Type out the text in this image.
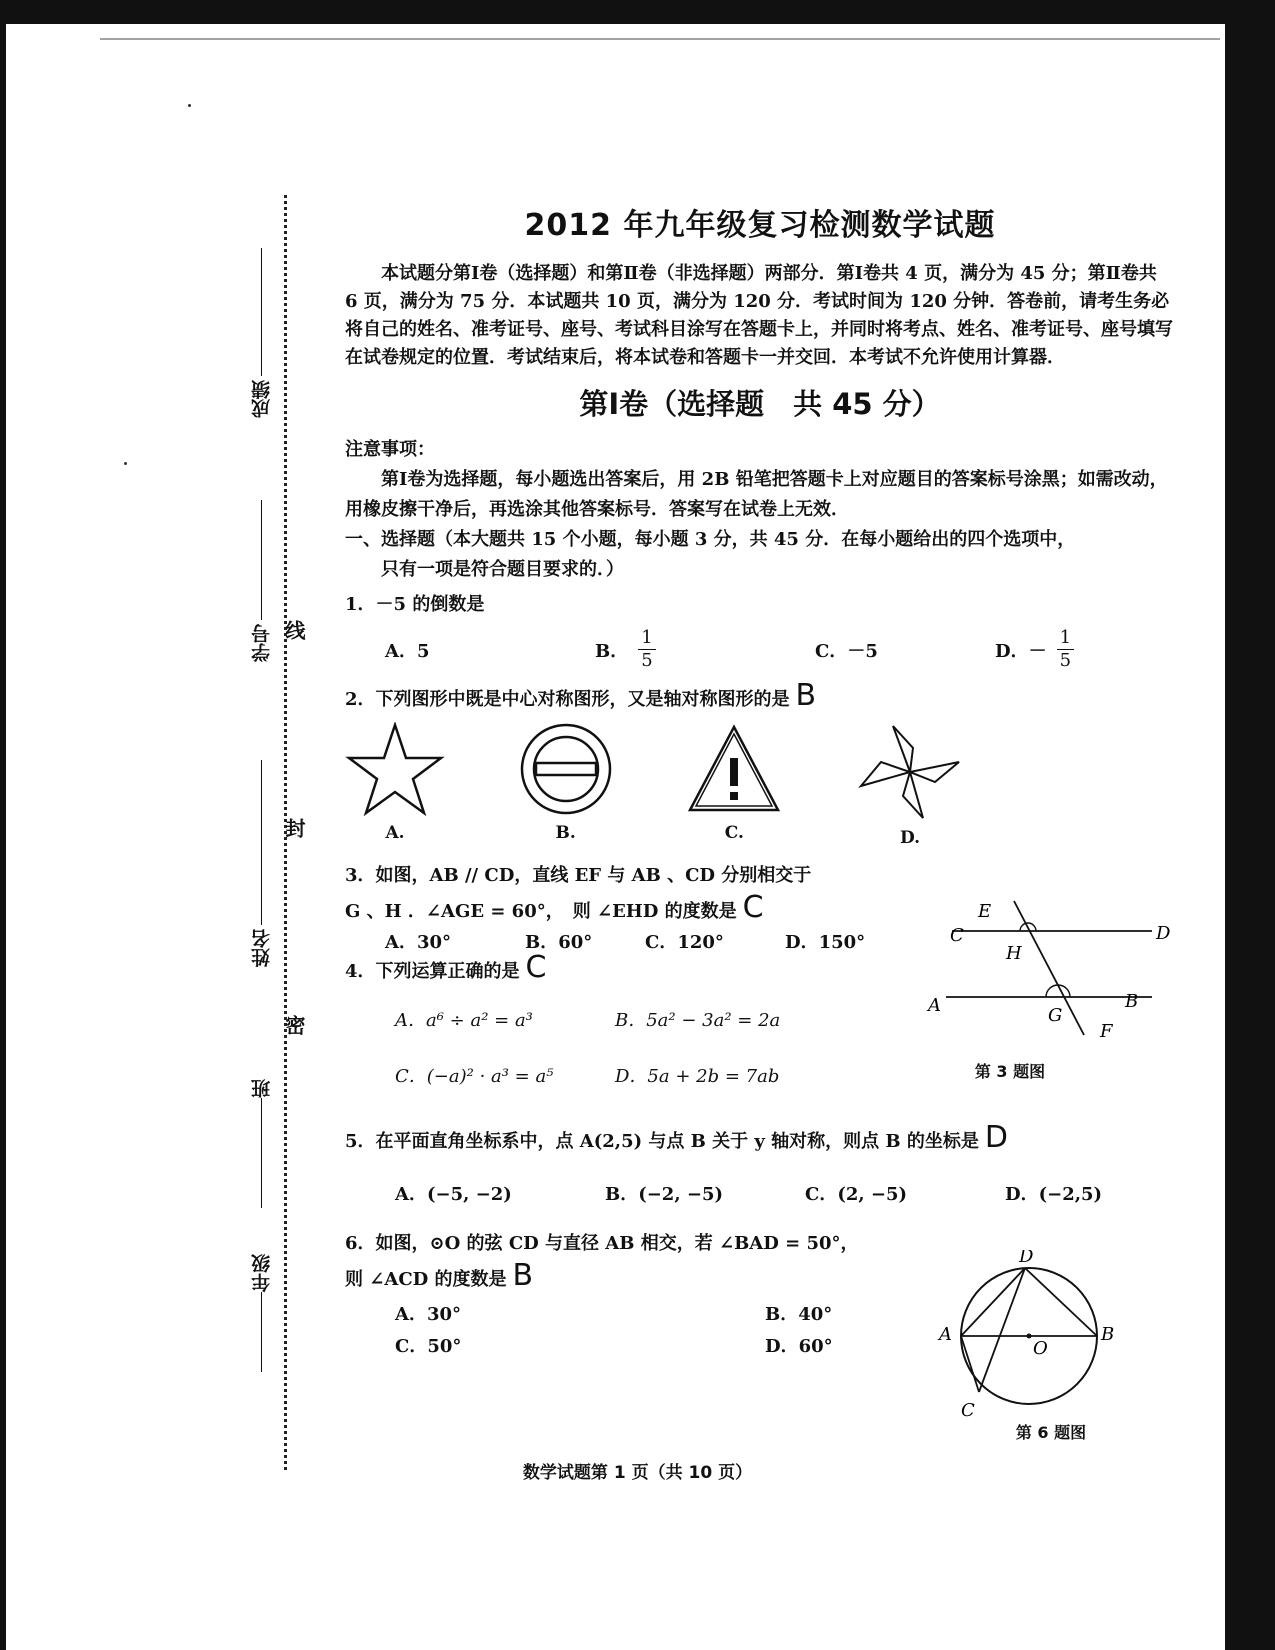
线
封
密
成绩
学号
姓名
班
年级
2012 年九年级复习检测数学试题

本试题分第Ⅰ卷（选择题）和第Ⅱ卷（非选择题）两部分．第Ⅰ卷共 4 页，满分为 45 分；第Ⅱ卷共 6 页，满分为 75 分．本试题共 10 页，满分为 120 分．考试时间为 120 分钟．答卷前，请考生务必将自己的姓名、准考证号、座号、考试科目涂写在答题卡上，并同时将考点、姓名、准考证号、座号填写在试卷规定的位置．考试结束后，将本试卷和答题卡一并交回．本考试不允许使用计算器．

第Ⅰ卷（选择题　共 45 分）

注意事项：

第Ⅰ卷为选择题，每小题选出答案后，用 2B 铅笔把答题卡上对应题目的答案标号涂黑；如需改动，用橡皮擦干净后，再选涂其他答案标号．答案写在试卷上无效．

一、选择题（本大题共 15 个小题，每小题 3 分，共 45 分．在每小题给出的四个选项中，

只有一项是符合题目要求的．）

1．－5 的倒数是

A．5	B． $\frac{1}{5}$	C．－5	D．－ $\frac{1}{5}$

2．下列图形中既是中心对称图形，又是轴对称图形的是 B

A.	B.	C.	D.

3．如图，AB // CD，直线 EF 与 AB 、CD 分别相交于

G 、H ．∠AGE = 60°，　则 ∠EHD 的度数是 C

A．30°	B．60°	C．120°	D．150°

4．下列运算正确的是 C

A．a⁶ ÷ a² = a³	B．5a² − 3a² = 2a
C．(−a)² · a³ = a⁵	D．5a + 2b = 7ab

5．在平面直角坐标系中，点 A(2,5) 与点 B 关于 y 轴对称，则点 B 的坐标是 D

A．(−5, −2)	B．(−2, −5)	C．(2, −5)	D．(−2,5)

6．如图，⊙O 的弦 CD 与直径 AB 相交，若 ∠BAD = 50°，

则 ∠ACD 的度数是 B

A．30°	B．40°
C．50°	D．60°
E
C	D
H
A	B
G
F
第 3 题图
D
A
O
B
C
第 6 题图
数学试题第 1 页（共 10 页）
